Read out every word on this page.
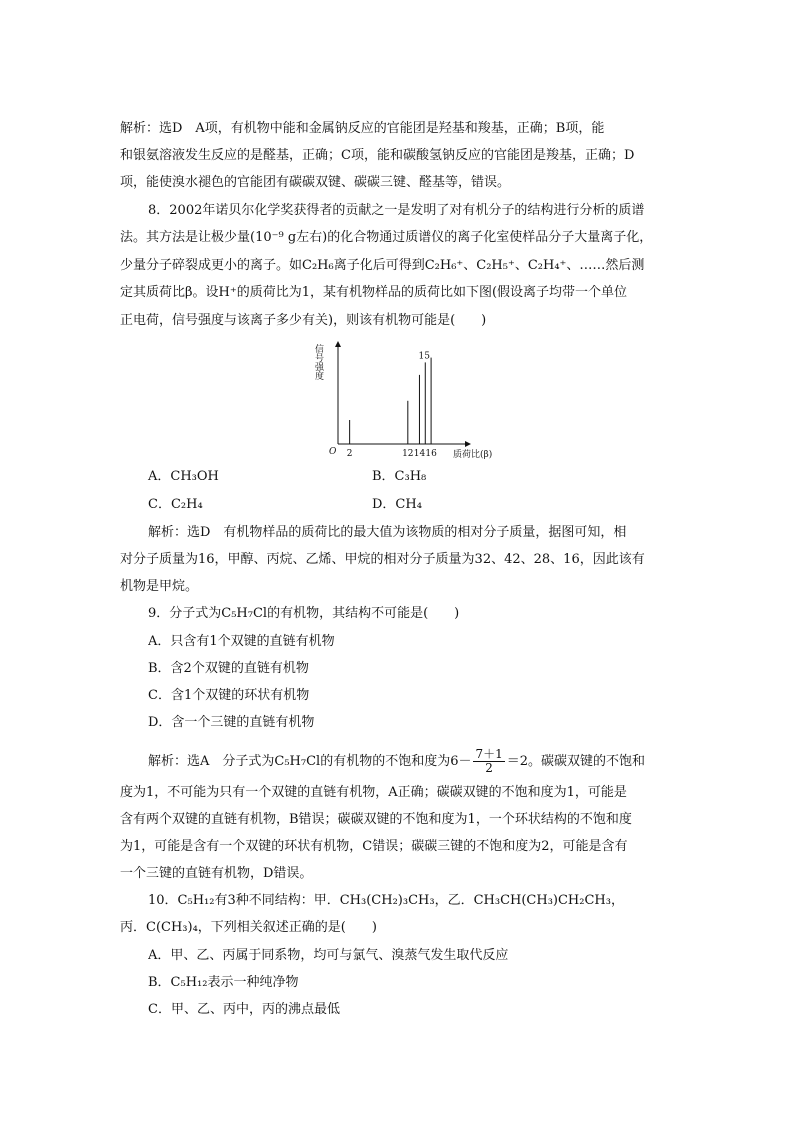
解析：选D　A项，有机物中能和金属钠反应的官能团是羟基和羧基，正确；B项，能
和银氨溶液发生反应的是醛基，正确；C项，能和碳酸氢钠反应的官能团是羧基，正确；D
项，能使溴水褪色的官能团有碳碳双键、碳碳三键、醛基等，错误。
8．2002年诺贝尔化学奖获得者的贡献之一是发明了对有机分子的结构进行分析的质谱
法。其方法是让极少量(10⁻⁹ g左右)的化合物通过质谱仪的离子化室使样品分子大量离子化，
少量分子碎裂成更小的离子。如C₂H₆离子化后可得到C₂H₆⁺、C₂H₅⁺、C₂H₄⁺、……然后测
定其质荷比β。设H⁺的质荷比为1，某有机物样品的质荷比如下图(假设离子均带一个单位
正电荷，信号强度与该离子多少有关)，则该有机物可能是(　　)
信号强度
质荷比(β)
O 2	12 14 16
15
A．CH₃OH	B．C₃H₈
C．C₂H₄	D．CH₄
解析：选D　有机物样品的质荷比的最大值为该物质的相对分子质量，据图可知，相
对分子质量为16，甲醇、丙烷、乙烯、甲烷的相对分子质量为32、42、28、16，因此该有
机物是甲烷。
9．分子式为C₅H₇Cl的有机物，其结构不可能是(　　)
A．只含有1个双键的直链有机物
B．含2个双键的直链有机物
C．含1个双键的环状有机物
D．含一个三键的直链有机物
解析：选A　分子式为C₅H₇Cl的有机物的不饱和度为$6- \frac{7+1}{2} =2$。碳碳双键的不饱和
度为1，不可能为只有一个双键的直链有机物，A正确；碳碳双键的不饱和度为1，可能是
含有两个双键的直链有机物，B错误；碳碳双键的不饱和度为1，一个环状结构的不饱和度
为1，可能是含有一个双键的环状有机物，C错误；碳碳三键的不饱和度为2，可能是含有
一个三键的直链有机物，D错误。
10．C₅H₁₂有3种不同结构：甲．CH₃(CH₂)₃CH₃，乙．CH₃CH(CH₃)CH₂CH₃，
丙．C(CH₃)₄，下列相关叙述正确的是(　　)
A．甲、乙、丙属于同系物，均可与氯气、溴蒸气发生取代反应
B．C₅H₁₂表示一种纯净物
C．甲、乙、丙中，丙的沸点最低
